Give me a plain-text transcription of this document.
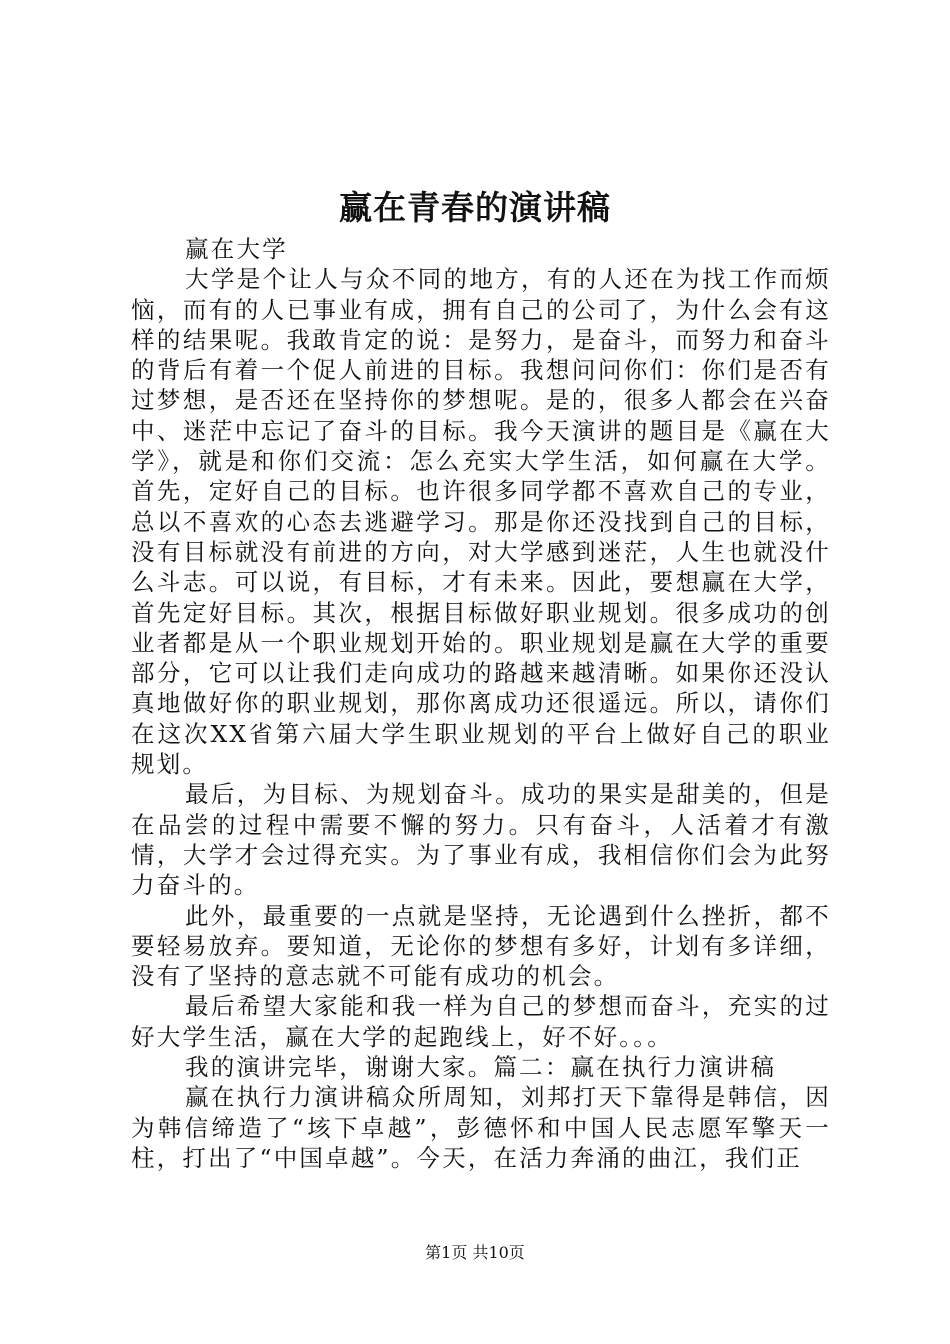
赢在青春的演讲稿

赢在大学

大学是个让人与众不同的地方，有的人还在为找工作而烦恼，而有的人已事业有成，拥有自己的公司了，为什么会有这样的结果呢。我敢肯定的说：是努力，是奋斗，而努力和奋斗的背后有着一个促人前进的目标。我想问问你们：你们是否有过梦想，是否还在坚持你的梦想呢。是的，很多人都会在兴奋中、迷茫中忘记了奋斗的目标。我今天演讲的题目是《赢在大学》，就是和你们交流：怎么充实大学生活，如何赢在大学。首先，定好自己的目标。也许很多同学都不喜欢自己的专业，总以不喜欢的心态去逃避学习。那是你还没找到自己的目标，没有目标就没有前进的方向，对大学感到迷茫，人生也就没什么斗志。可以说，有目标，才有未来。因此，要想赢在大学，首先定好目标。其次，根据目标做好职业规划。很多成功的创业者都是从一个职业规划开始的。职业规划是赢在大学的重要部分，它可以让我们走向成功的路越来越清晰。如果你还没认真地做好你的职业规划，那你离成功还很遥远。所以，请你们在这次XX省第六届大学生职业规划的平台上做好自己的职业规划。

最后，为目标、为规划奋斗。成功的果实是甜美的，但是在品尝的过程中需要不懈的努力。只有奋斗，人活着才有激情，大学才会过得充实。为了事业有成，我相信你们会为此努力奋斗的。

此外，最重要的一点就是坚持，无论遇到什么挫折，都不要轻易放弃。要知道，无论你的梦想有多好，计划有多详细，没有了坚持的意志就不可能有成功的机会。

最后希望大家能和我一样为自己的梦想而奋斗，充实的过好大学生活，赢在大学的起跑线上，好不好。。。

我的演讲完毕，谢谢大家。篇二：赢在执行力演讲稿

赢在执行力演讲稿众所周知，刘邦打天下靠得是韩信，因为韩信缔造了“垓下卓越”，彭德怀和中国人民志愿军擎天一柱，打出了“中国卓越”。今天，在活力奔涌的曲江，我们正

第1页 共10页
